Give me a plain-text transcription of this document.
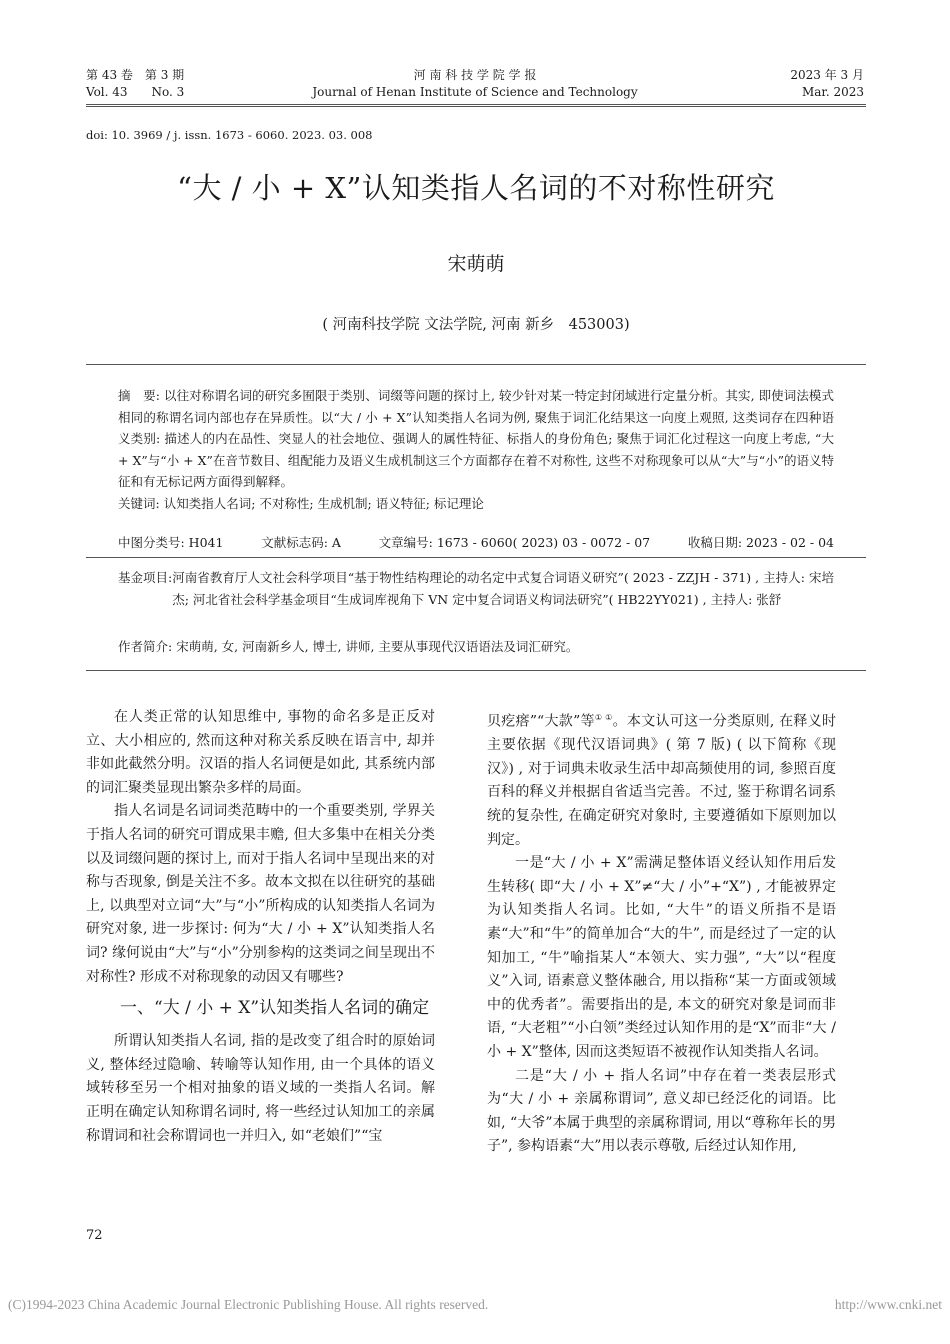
第 43 卷　第 3 期
Vol. 43　　No. 3
河 南 科 技 学 院 学 报
Journal of Henan Institute of Science and Technology
2023 年 3 月
Mar. 2023
doi: 10. 3969 / j. issn. 1673 - 6060. 2023. 03. 008
“大 / 小 + X”认知类指人名词的不对称性研究
宋萌萌
( 河南科技学院 文法学院, 河南 新乡　453003)

摘　要: 以往对称谓名词的研究多囿限于类别、词缀等问题的探讨上, 较少针对某一特定封闭域进行定量分析。其实, 即使词法模式相同的称谓名词内部也存在异质性。以“大 / 小 + X”认知类指人名词为例, 聚焦于词汇化结果这一向度上观照, 这类词存在四种语义类别: 描述人的内在品性、突显人的社会地位、强调人的属性特征、标指人的身份角色; 聚焦于词汇化过程这一向度上考虑, “大 + X”与“小 + X”在音节数目、组配能力及语义生成机制这三个方面都存在着不对称性, 这些不对称现象可以从“大”与“小”的语义特征和有无标记两方面得到解释。

关键词: 认知类指人名词; 不对称性; 生成机制; 语义特征; 标记理论

中图分类号: H041	文献标志码: A	文章编号: 1673 - 6060( 2023) 03 - 0072 - 07	收稿日期: 2023 - 02 - 04
基金项目: 河南省教育厅人文社会科学项目“基于物性结构理论的动名定中式复合词语义研究”( 2023 - ZZJH - 371) , 主持人: 宋培杰; 河北省社会科学基金项目“生成词库视角下 VN 定中复合词语义构词法研究”( HB22YY021) , 主持人: 张舒
作者简介: 宋萌萌, 女, 河南新乡人, 博士, 讲师, 主要从事现代汉语语法及词汇研究。

在人类正常的认知思维中, 事物的命名多是正反对立、大小相应的, 然而这种对称关系反映在语言中, 却并非如此截然分明。汉语的指人名词便是如此, 其系统内部的词汇聚类显现出繁杂多样的局面。

指人名词是名词词类范畴中的一个重要类别, 学界关于指人名词的研究可谓成果丰赡, 但大多集中在相关分类以及词缀问题的探讨上, 而对于指人名词中呈现出来的对称与否现象, 倒是关注不多。故本文拟在以往研究的基础上, 以典型对立词“大”与“小”所构成的认知类指人名词为研究对象, 进一步探讨: 何为“大 / 小 + X”认知类指人名词? 缘何说由“大”与“小”分别参构的这类词之间呈现出不对称性? 形成不对称现象的动因又有哪些?

一、“大 / 小 + X”认知类指人名词的确定

所谓认知类指人名词, 指的是改变了组合时的原始词义, 整体经过隐喻、转喻等认知作用, 由一个具体的语义域转移至另一个相对抽象的语义域的一类指人名词。解正明在确定认知称谓名词时, 将一些经过认知加工的亲属称谓词和社会称谓词也一并归入, 如“老娘们”“宝

贝疙瘩”“大款”等① ①。本文认可这一分类原则, 在释义时主要依据《现代汉语词典》( 第 7 版) ( 以下简称《现汉》) , 对于词典未收录生活中却高频使用的词, 参照百度百科的释义并根据自省适当完善。不过, 鉴于称谓名词系统的复杂性, 在确定研究对象时, 主要遵循如下原则加以判定。

一是“大 / 小 + X”需满足整体语义经认知作用后发生转移( 即“大 / 小 + X”≠“大 / 小”+“X”) , 才能被界定为认知类指人名词。比如, “大牛”的语义所指不是语素“大”和“牛”的简单加合“大的牛”, 而是经过了一定的认知加工, “牛”喻指某人“本领大、实力强”, “大”以“程度义”入词, 语素意义整体融合, 用以指称“某一方面或领域中的优秀者”。需要指出的是, 本文的研究对象是词而非语, “大老粗”“小白领”类经过认知作用的是“X”而非“大 / 小 + X”整体, 因而这类短语不被视作认知类指人名词。

二是“大 / 小 + 指人名词”中存在着一类表层形式为“大 / 小 + 亲属称谓词”, 意义却已经泛化的词语。比如, “大爷”本属于典型的亲属称谓词, 用以“尊称年长的男子”, 参构语素“大”用以表示尊敬, 后经过认知作用,

72
(C)1994-2023 China Academic Journal Electronic Publishing House. All rights reserved.	http://www.cnki.net
